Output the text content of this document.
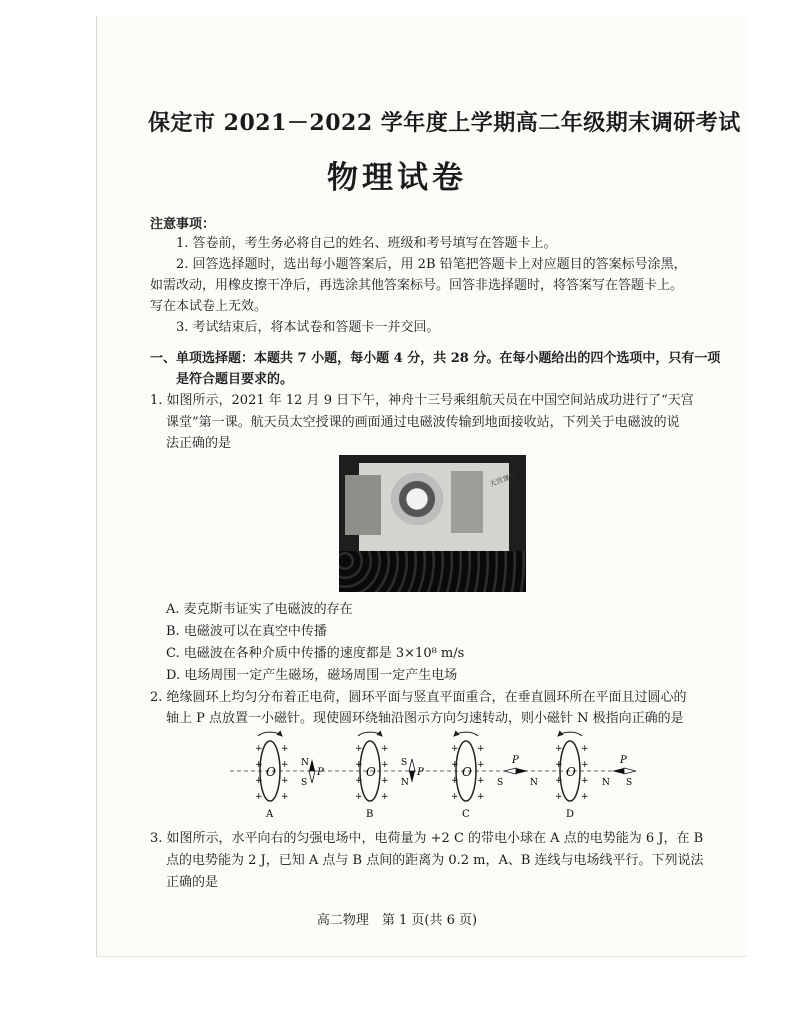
保定市 2021－2022 学年度上学期高二年级期末调研考试
物理试卷
注意事项：
1. 答卷前，考生务必将自己的姓名、班级和考号填写在答题卡上。
2. 回答选择题时，选出每小题答案后，用 2B 铅笔把答题卡上对应题目的答案标号涂黑，
如需改动，用橡皮擦干净后，再选涂其他答案标号。回答非选择题时，将答案写在答题卡上。
写在本试卷上无效。
3. 考试结束后，将本试卷和答题卡一并交回。
一、单项选择题：本题共 7 小题，每小题 4 分，共 28 分。在每小题给出的四个选项中，只有一项
是符合题目要求的。
1. 如图所示，2021 年 12 月 9 日下午，神舟十三号乘组航天员在中国空间站成功进行了“天宫
课堂”第一课。航天员太空授课的画面通过电磁波传输到地面接收站，下列关于电磁波的说
法正确的是
天宫课堂
A. 麦克斯韦证实了电磁波的存在
B. 电磁波可以在真空中传播
C. 电磁波在各种介质中传播的速度都是 3×10⁸ m/s
D. 电场周围一定产生磁场，磁场周围一定产生电场
2. 绝缘圆环上均匀分布着正电荷，圆环平面与竖直平面重合，在垂直圆环所在平面且过圆心的
轴上 P 点放置一小磁针。现使圆环绕轴沿图示方向匀速转动，则小磁针 N 极指向正确的是
O
+
+
+
+
+
+
+
+
N
S
P
A
O
+
+
+
+
+
+
+
+
S
N
P
B
O
+
+
+
+
+
+
+
+
S
P
N
C
O
+
+
+
+
+
+
+
+
N
P
S
D
3. 如图所示，水平向右的匀强电场中，电荷量为 +2 C 的带电小球在 A 点的电势能为 6 J，在 B
点的电势能为 2 J，已知 A 点与 B 点间的距离为 0.2 m，A、B 连线与电场线平行。下列说法
正确的是
高二物理　第 1 页(共 6 页)
